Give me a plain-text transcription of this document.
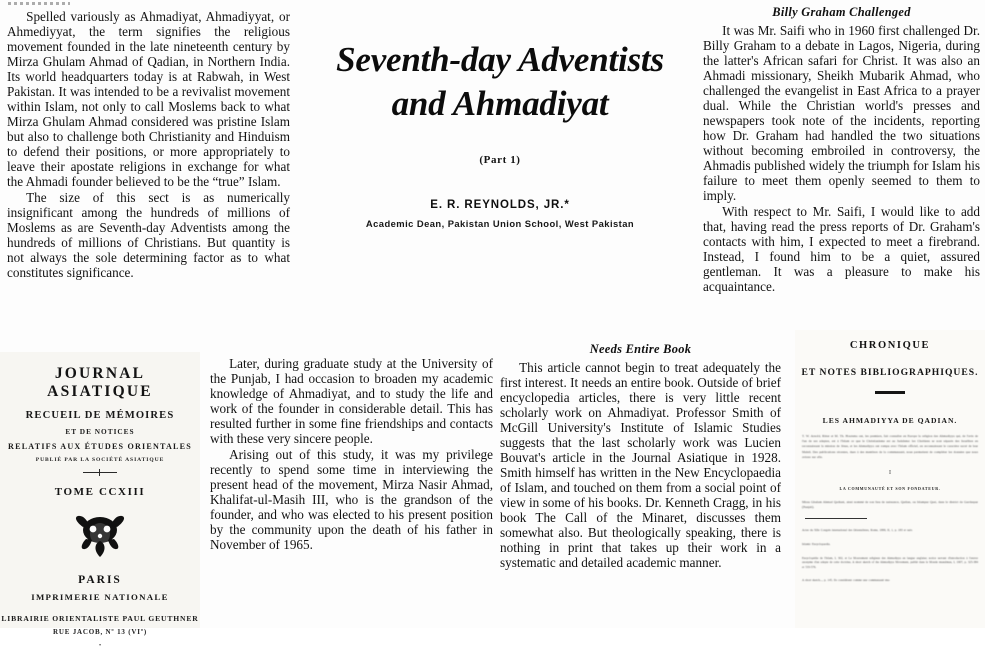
Spelled variously as Ahmadiyat, Ahmadiyyat, or Ahmediyyat, the term signifies the religious movement founded in the late nineteenth century by Mirza Ghulam Ahmad of Qadian, in Northern India. Its world headquarters today is at Rabwah, in West Pakistan. It was intended to be a revivalist movement within Islam, not only to call Moslems back to what Mirza Ghulam Ahmad considered was pristine Islam but also to challenge both Christianity and Hinduism to defend their positions, or more appropriately to leave their apostate religions in exchange for what the Ahmadi founder believed to be the “true” Islam.

The size of this sect is as numerically insignificant among the hundreds of millions of Moslems as are Seventh-day Adventists among the hundreds of millions of Christians. But quantity is not always the sole determining factor as to what constitutes significance.

Seventh-day Adventists
and Ahmadiyat
(Part 1)
E. R. REYNOLDS, JR.*
Academic Dean, Pakistan Union School, West Pakistan
Billy Graham Challenged

It was Mr. Saifi who in 1960 first challenged Dr. Billy Graham to a debate in Lagos, Nigeria, during the latter's African safari for Christ. It was also an Ahmadi missionary, Sheikh Mubarik Ahmad, who challenged the evangelist in East Africa to a prayer dual. While the Christian world's presses and newspapers took note of the incidents, reporting how Dr. Graham had handled the two situations without becoming embroiled in controversy, the Ahmadis published widely the triumph for Islam his failure to meet them openly seemed to them to imply.

With respect to Mr. Saifi, I would like to add that, having read the press reports of Dr. Graham's contacts with him, I expected to meet a firebrand. Instead, I found him to be a quiet, assured gentleman. It was a pleasure to make his acquaintance.

JOURNAL ASIATIQUE
RECUEIL DE MÉMOIRES
ET DE NOTICES
RELATIFS AUX ÉTUDES ORIENTALES
PUBLIÉ PAR LA SOCIÉTÉ ASIATIQUE
TOME CCXIII
PARIS
IMPRIMERIE NATIONALE
LIBRAIRIE ORIENTALISTE PAUL GEUTHNER
RUE JACOB, Nº 13 (VIº)
•

Later, during graduate study at the University of the Punjab, I had occasion to broaden my academic knowledge of Ahmadiyat, and to study the life and work of the founder in considerable detail. This has resulted further in some fine friendships and contacts with these very sincere people.

Arising out of this study, it was my privilege recently to spend some time in interviewing the present head of the movement, Mirza Nasir Ahmad, Khalifat-ul-Masih III, who is the grandson of the founder, and who was elected to his present position by the community upon the death of his father in November of 1965.

Needs Entire Book

This article cannot begin to treat adequately the first interest. It needs an entire book. Outside of brief encyclopedia articles, there is very little recent scholarly work on Ahmadiyat. Professor Smith of McGill University's Institute of Islamic Studies suggests that the last scholarly work was Lucien Bouvat's article in the Journal Asiatique in 1928. Smith himself has written in the New Encyclopaedia of Islam, and touched on them from a social point of view in some of his books. Dr. Kenneth Cragg, in his book The Call of the Minaret, discusses them somewhat also. But theologically speaking, there is nothing in print that takes up their work in a systematic and detailed academic manner.

CHRONIQUE
ET NOTES BIBLIOGRAPHIQUES.
LES AHMADIYYA DE QADIAN.
T. W. Arnold, Ritter et M. Th. Houtsma ont, les premiers, fait connaître en Europe la religion des Ahmadiyya qui, de l'avis de l'un de ses adeptes, est à l'Islam ce que le Christianisme est au Judaïsme: les Chrétiens se sont séparés des Israélites en reconnaissant la mission de Jésus, et les Ahmadiyya ont rompu avec l'Islam officiel, en reconnaissant le caractère sacré de leur Mahdi. Des publications récentes, dues à des membres de la communauté, nous permettent de compléter les données que nous avions sur elle.
I
LA COMMUNAUTÉ ET SON FONDATEUR.
Mirza Ghulam Ahmad Qadiani, ainsi nommé de son lieu de naissance, Qadian, ou Islampur Qasi, dans le district de Gurdaspur (Punjab).
Actes du XIIe Congrès international des Orientalistes, Rome, 1899, II, 1, p. 183 et suiv.
Islamic Encyclopaedia.
Encyclopédie de l'Islam, I, 302, et Le Mouvement religieux des Ahmadiyya en langue anglaise; notice servant d'introduction à l'œuvre anonyme d'un adepte de cette doctrine, A short sketch of the Ahmadiyya Movement, publié dans le Monde musulman, I, 1907, p. 325-384 et 533-576.
A short sketch..., p. 145. Ils considèrent comme une communauté mu-
